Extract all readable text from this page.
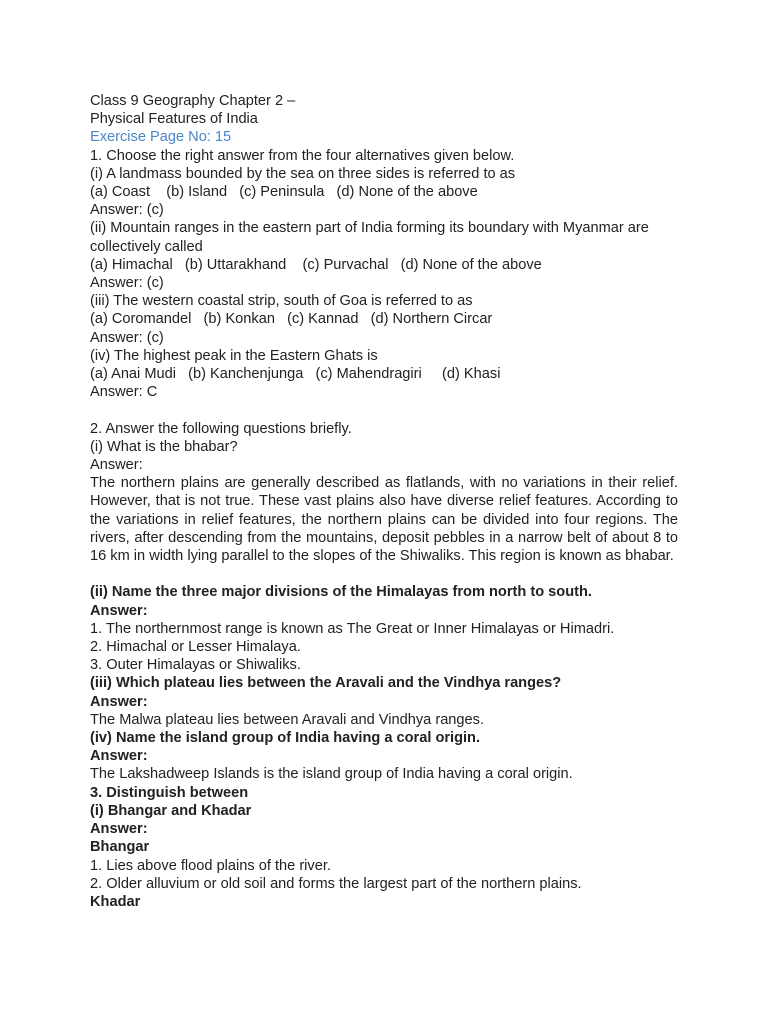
Class 9 Geography Chapter 2 –
Physical Features of India
Exercise Page No: 15
1. Choose the right answer from the four alternatives given below.
(i) A landmass bounded by the sea on three sides is referred to as
(a) Coast    (b) Island   (c) Peninsula   (d) None of the above
Answer: (c)
(ii) Mountain ranges in the eastern part of India forming its boundary with Myanmar are collectively called
(a) Himachal   (b) Uttarakhand    (c) Purvachal   (d) None of the above
Answer: (c)
(iii) The western coastal strip, south of Goa is referred to as
(a) Coromandel   (b) Konkan   (c) Kannad   (d) Northern Circar
Answer: (c)
(iv) The highest peak in the Eastern Ghats is
(a) Anai Mudi   (b) Kanchenjunga   (c) Mahendragiri     (d) Khasi
Answer: C
2. Answer the following questions briefly.
(i) What is the bhabar?
Answer:
The northern plains are generally described as flatlands, with no variations in their relief. However, that is not true. These vast plains also have diverse relief features. According to the variations in relief features, the northern plains can be divided into four regions. The rivers, after descending from the mountains, deposit pebbles in a narrow belt of about 8 to 16 km in width lying parallel to the slopes of the Shiwaliks. This region is known as bhabar.
(ii) Name the three major divisions of the Himalayas from north to south.
Answer:
1. The northernmost range is known as The Great or Inner Himalayas or Himadri.
2. Himachal or Lesser Himalaya.
3. Outer Himalayas or Shiwaliks.
(iii) Which plateau lies between the Aravali and the Vindhya ranges?
Answer:
The Malwa plateau lies between Aravali and Vindhya ranges.
(iv) Name the island group of India having a coral origin.
Answer:
The Lakshadweep Islands is the island group of India having a coral origin.
3. Distinguish between
(i) Bhangar and Khadar
Answer:
Bhangar
1. Lies above flood plains of the river.
2. Older alluvium or old soil and forms the largest part of the northern plains.
Khadar
